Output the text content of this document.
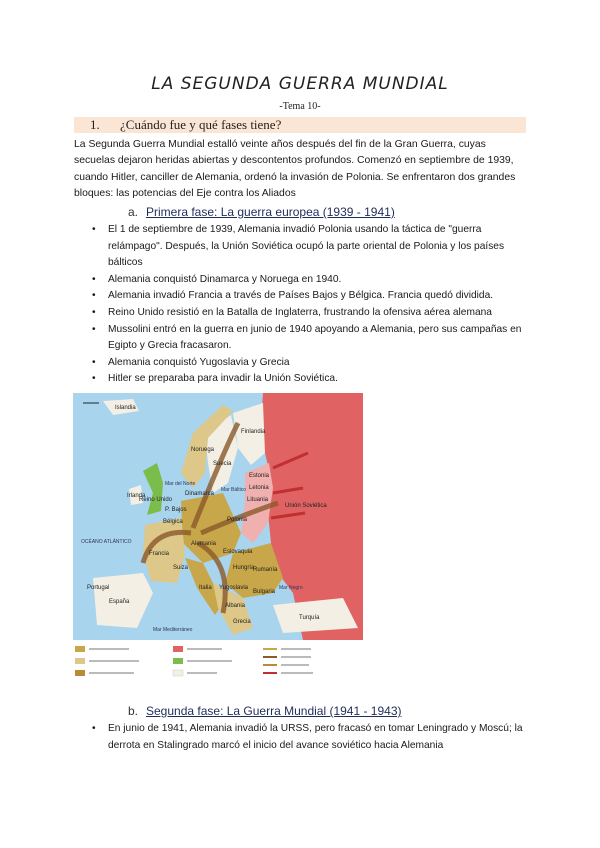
LA SEGUNDA GUERRA MUNDIAL
-Tema 10-
1. ¿Cuándo fue y qué fases tiene?
La Segunda Guerra Mundial estalló veinte años después del fin de la Gran Guerra, cuyas secuelas dejaron heridas abiertas y descontentos profundos. Comenzó en septiembre de 1939, cuando Hitler, canciller de Alemania, ordenó la invasión de Polonia. Se enfrentaron dos grandes bloques: las potencias del Eje contra los Aliados
a. Primera fase: La guerra europea (1939 - 1941)
• El 1 de septiembre de 1939, Alemania invadió Polonia usando la táctica de "guerra relámpago". Después, la Unión Soviética ocupó la parte oriental de Polonia y los países bálticos
• Alemania conquistó Dinamarca y Noruega en 1940.
• Alemania invadió Francia a través de Países Bajos y Bélgica. Francia quedó dividida.
• Reino Unido resistió en la Batalla de Inglaterra, frustrando la ofensiva aérea alemana
• Mussolini entró en la guerra en junio de 1940 apoyando a Alemania, pero sus campañas en Egipto y Grecia fracasaron.
• Alemania conquistó Yugoslavia y Grecia
• Hitler se preparaba para invadir la Unión Soviética.
Islandia
Noruega
Suecia
Finlandia
Reino Unido
Irlanda	Dinamarca
Estonia
Letonia
Lituania
Unión Soviética
P. Bajos
Bélgica	Polonia
Alemania
Francia
Suiza
Italia
Eslovaquia
Hungría
Rumanía
Yugoslavia
Bulgaria
Albania
Grecia
Portugal
España
Turquía
OCÉANO ATLÁNTICO
Mar del Norte
Mar Báltico
Mar Negro
Mar Mediterráneo
b. Segunda fase: La Guerra Mundial (1941 - 1943)
• En junio de 1941, Alemania invadió la URSS, pero fracasó en tomar Leningrado y Moscú; la derrota en Stalingrado marcó el inicio del avance soviético hacia Alemania
